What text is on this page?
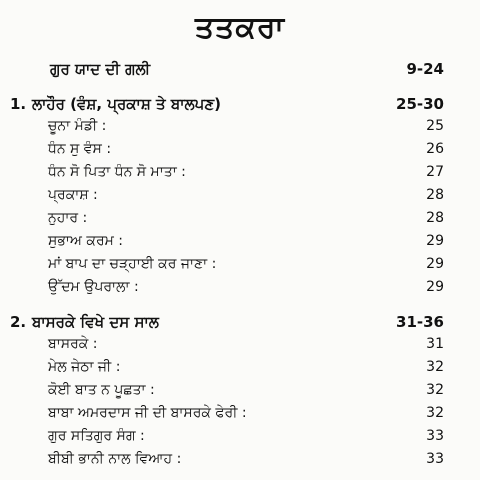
ਤਤਕਰਾ
ਗੁਰ ਯਾਦ ਦੀ ਗਲੀ	9-24
1. ਲਾਹੌਰ (ਵੰਸ਼, ਪ੍ਰਕਾਸ਼ ਤੇ ਬਾਲਪਣ)	25-30
ਚੂਨਾ ਮੰਡੀ :	25
ਧੰਨ ਸੁ ਵੰਸ :	26
ਧੰਨ ਸੋ ਪਿਤਾ ਧੰਨ ਸੋ ਮਾਤਾ :	27
ਪ੍ਰਕਾਸ਼ :	28
ਨੁਹਾਰ :	28
ਸੁਭਾਅ ਕਰਮ :	29
ਮਾਂ ਬਾਪ ਦਾ ਚੜ੍ਹਾਈ ਕਰ ਜਾਣਾ :	29
ਉੱਦਮ ਉਪਰਾਲਾ :	29
2. ਬਾਸਰਕੇ ਵਿਖੇ ਦਸ ਸਾਲ	31-36
ਬਾਸਰਕੇ :	31
ਮੇਲ ਜੇਠਾ ਜੀ :	32
ਕੋਈ ਬਾਤ ਨ ਪੂਛਤਾ :	32
ਬਾਬਾ ਅਮਰਦਾਸ ਜੀ ਦੀ ਬਾਸਰਕੇ ਫੇਰੀ :	32
ਗੁਰ ਸਤਿਗੁਰ ਸੰਗ :	33
ਬੀਬੀ ਭਾਨੀ ਨਾਲ ਵਿਆਹ :	33
